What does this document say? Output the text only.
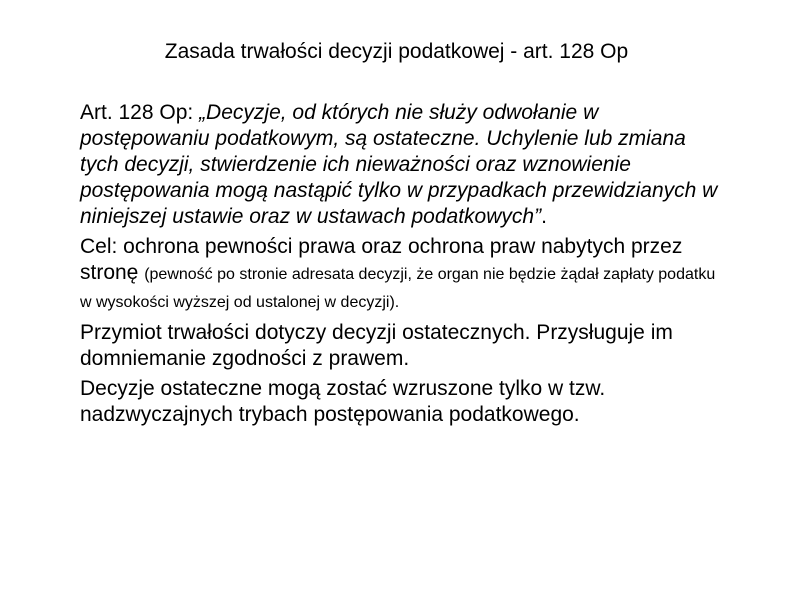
Zasada trwałości decyzji podatkowej - art. 128 Op

Art. 128 Op: „Decyzje, od których nie służy odwołanie w postępowaniu podatkowym, są ostateczne. Uchylenie lub zmiana tych decyzji, stwierdzenie ich nieważności oraz wznowienie postępowania mogą nastąpić tylko w przypadkach przewidzianych w niniejszej ustawie oraz w ustawach podatkowych”.

Cel: ochrona pewności prawa oraz ochrona praw nabytych przez stronę (pewność po stronie adresata decyzji, że organ nie będzie żądał zapłaty podatku w wysokości wyższej od ustalonej w decyzji).

Przymiot trwałości dotyczy decyzji ostatecznych. Przysługuje im domniemanie zgodności z prawem.

Decyzje ostateczne mogą zostać wzruszone tylko w tzw. nadzwyczajnych trybach postępowania podatkowego.
